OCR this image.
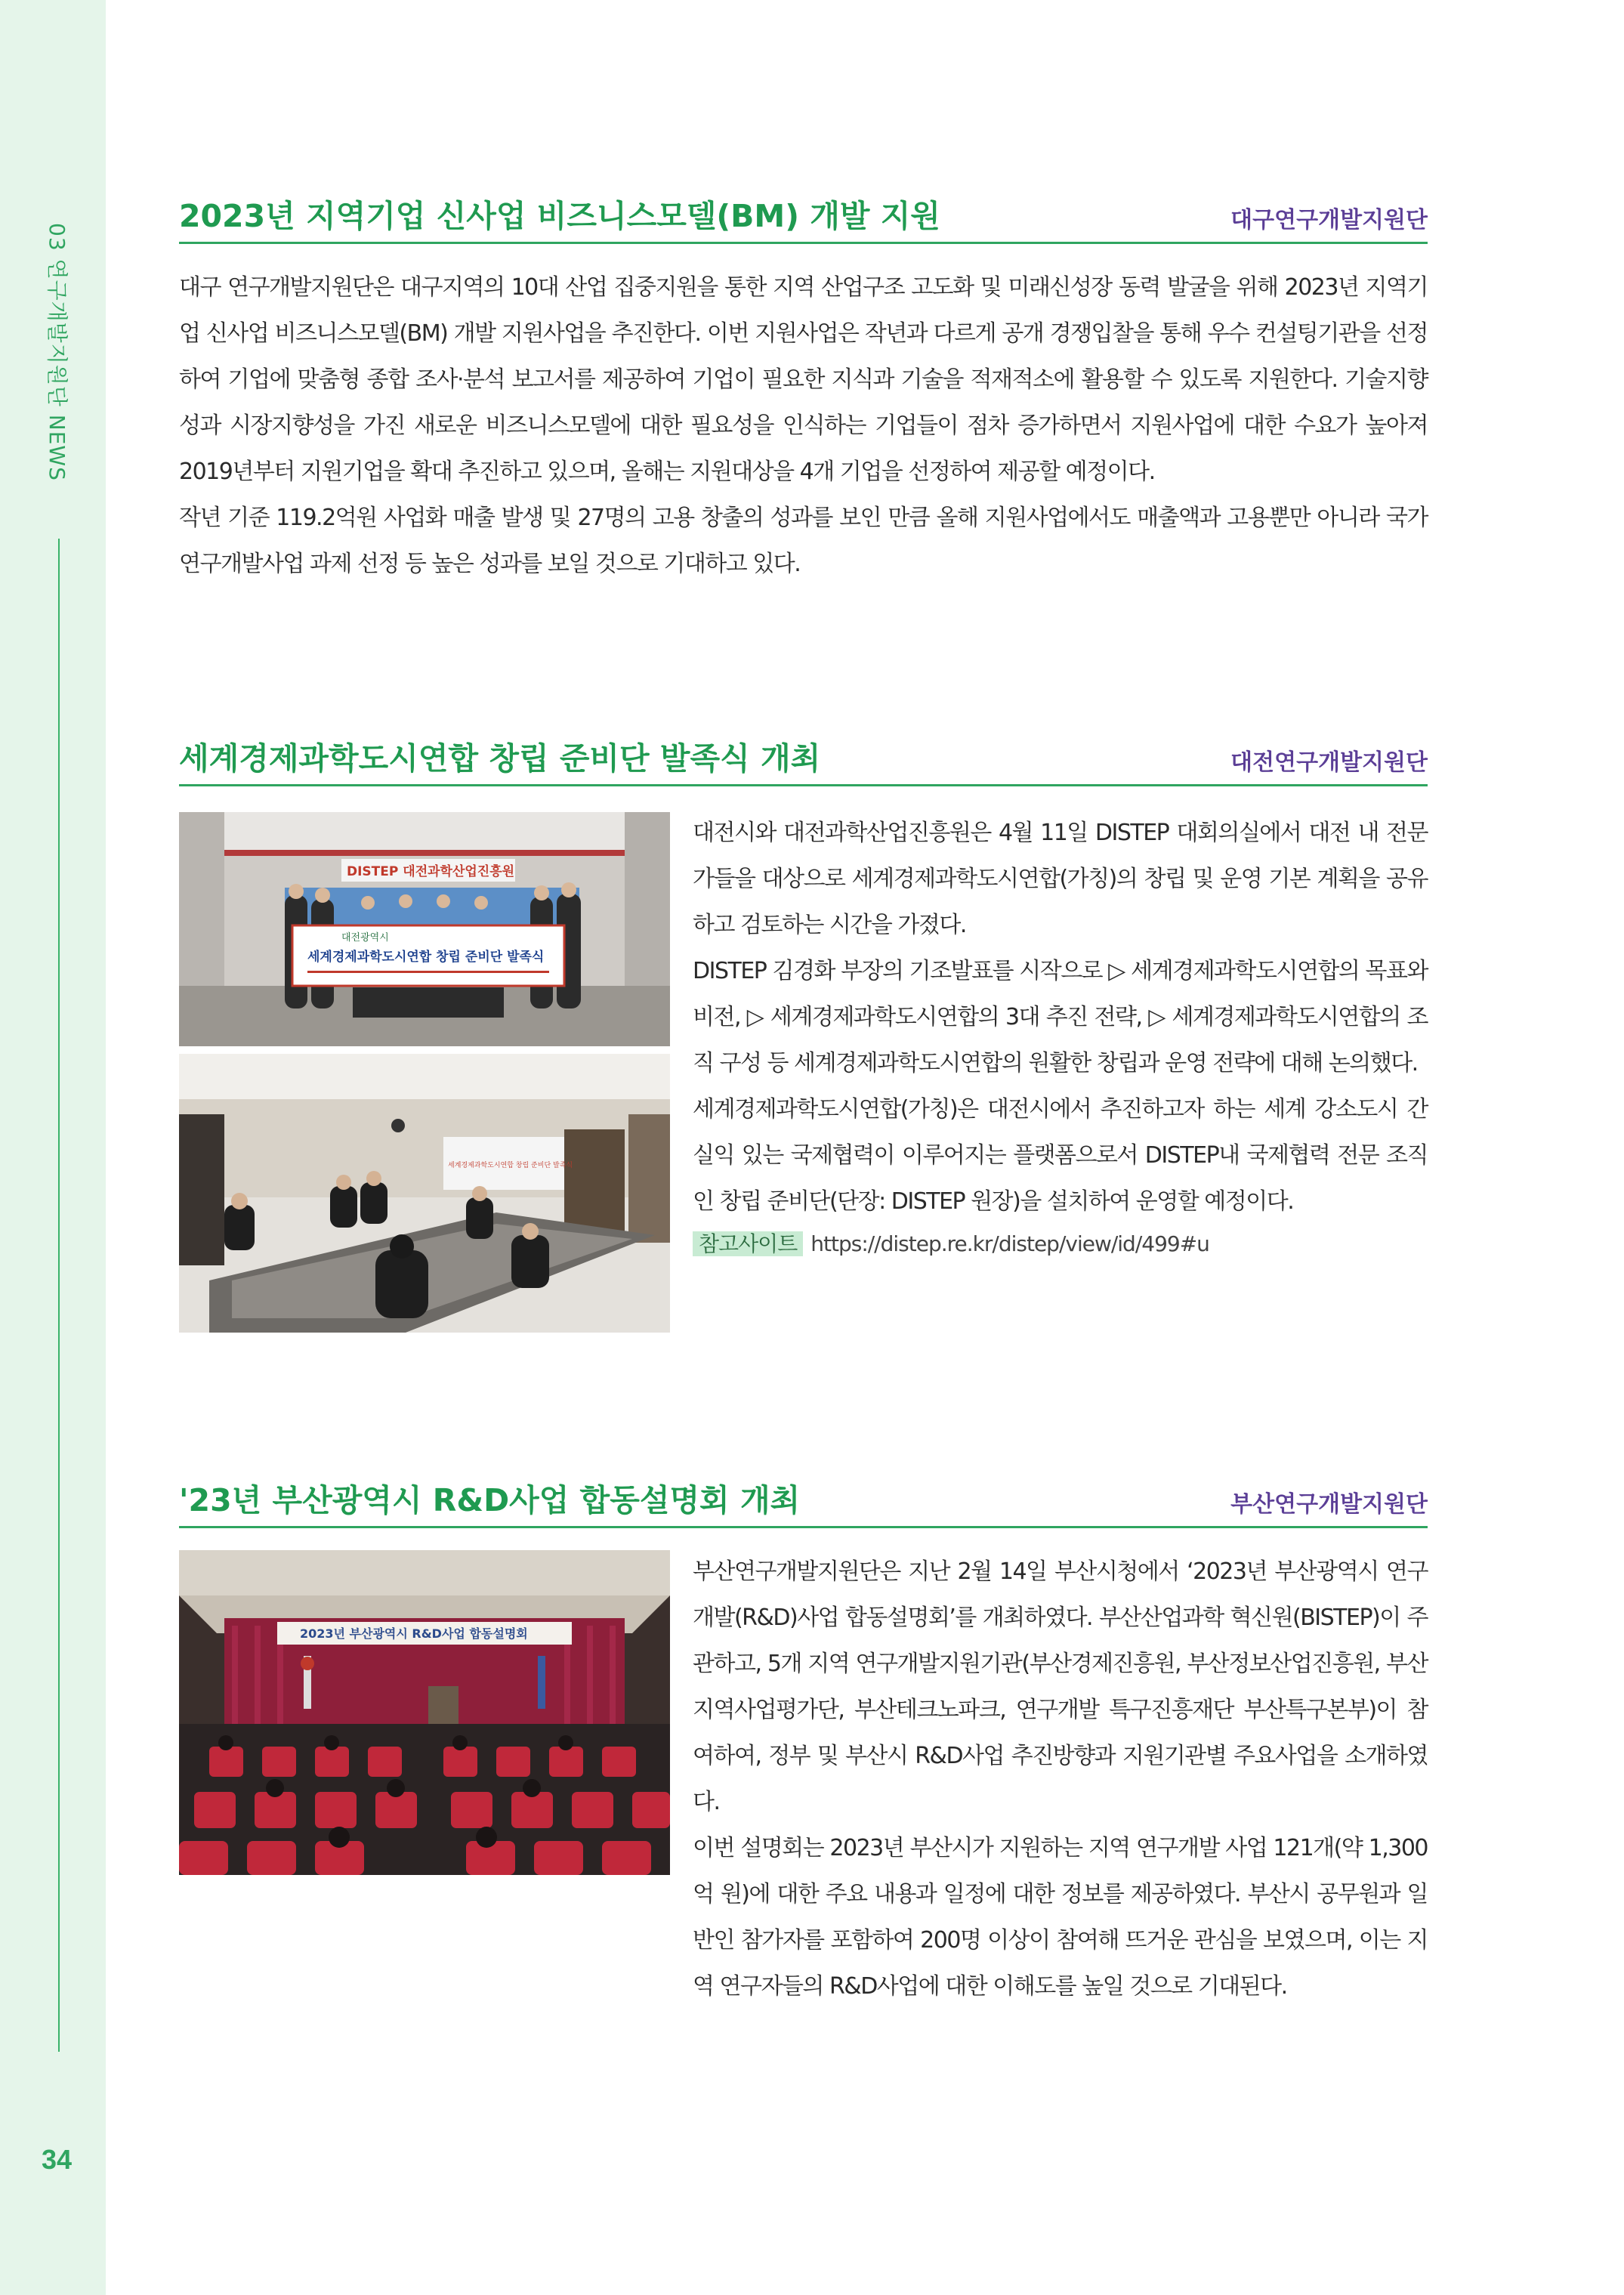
03 연구개발지원단 NEWS
34
2023년 지역기업 신사업 비즈니스모델(BM) 개발 지원	대구연구개발지원단

대구 연구개발지원단은 대구지역의 10대 산업 집중지원을 통한 지역 산업구조 고도화 및 미래신성장 동력 발굴을 위해 2023년 지역기업 신사업 비즈니스모델(BM) 개발 지원사업을 추진한다. 이번 지원사업은 작년과 다르게 공개 경쟁입찰을 통해 우수 컨설팅기관을 선정하여 기업에 맞춤형 종합 조사·분석 보고서를 제공하여 기업이 필요한 지식과 기술을 적재적소에 활용할 수 있도록 지원한다. 기술지향성과 시장지향성을 가진 새로운 비즈니스모델에 대한 필요성을 인식하는 기업들이 점차 증가하면서 지원사업에 대한 수요가 높아져 2019년부터 지원기업을 확대 추진하고 있으며, 올해는 지원대상을 4개 기업을 선정하여 제공할 예정이다.

작년 기준 119.2억원 사업화 매출 발생 및 27명의 고용 창출의 성과를 보인 만큼 올해 지원사업에서도 매출액과 고용뿐만 아니라 국가연구개발사업 과제 선정 등 높은 성과를 보일 것으로 기대하고 있다.

세계경제과학도시연합 창립 준비단 발족식 개최	대전연구개발지원단
DISTEP 대전과학산업진흥원
대전광역시
세계경제과학도시연합 창립 준비단 발족식
세계경제과학도시연합 창립 준비단 발족식

대전시와 대전과학산업진흥원은 4월 11일 DISTEP 대회의실에서 대전 내 전문가들을 대상으로 세계경제과학도시연합(가칭)의 창립 및 운영 기본 계획을 공유하고 검토하는 시간을 가졌다.

DISTEP 김경화 부장의 기조발표를 시작으로 ▷ 세계경제과학도시연합의 목표와 비전, ▷ 세계경제과학도시연합의 3대 추진 전략, ▷ 세계경제과학도시연합의 조직 구성 등 세계경제과학도시연합의 원활한 창립과 운영 전략에 대해 논의했다.

세계경제과학도시연합(가칭)은 대전시에서 추진하고자 하는 세계 강소도시 간 실익 있는 국제협력이 이루어지는 플랫폼으로서 DISTEP내 국제협력 전문 조직인 창립 준비단(단장: DISTEP 원장)을 설치하여 운영할 예정이다.

참고사이트 https://distep.re.kr/distep/view/id/499#u
'23년 부산광역시 R&D사업 합동설명회 개최	부산연구개발지원단
2023년 부산광역시 R&D사업 합동설명회

부산연구개발지원단은 지난 2월 14일 부산시청에서 ‘2023년 부산광역시 연구개발(R&D)사업 합동설명회’를 개최하였다. 부산산업과학 혁신원(BISTEP)이 주관하고, 5개 지역 연구개발지원기관(부산경제진흥원, 부산정보산업진흥원, 부산지역사업평가단, 부산테크노파크, 연구개발 특구진흥재단 부산특구본부)이 참여하여, 정부 및 부산시 R&D사업 추진방향과 지원기관별 주요사업을 소개하였다.

이번 설명회는 2023년 부산시가 지원하는 지역 연구개발 사업 121개(약 1,300억 원)에 대한 주요 내용과 일정에 대한 정보를 제공하였다. 부산시 공무원과 일반인 참가자를 포함하여 200명 이상이 참여해 뜨거운 관심을 보였으며, 이는 지역 연구자들의 R&D사업에 대한 이해도를 높일 것으로 기대된다.
